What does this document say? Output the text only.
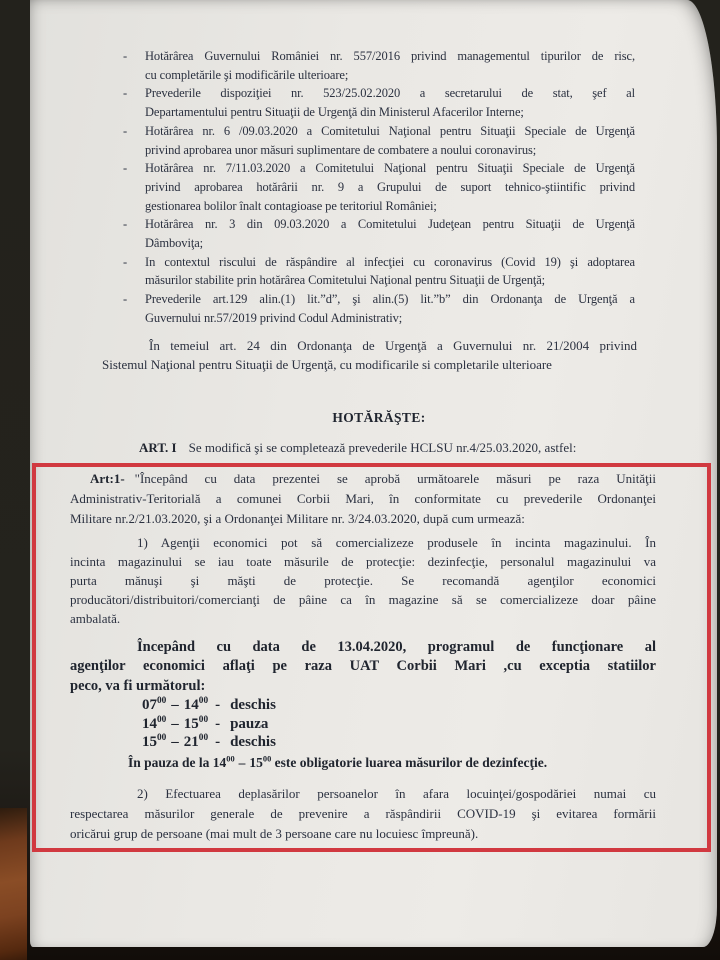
- Hotărârea Guvernului României nr. 557/2016 privind managementul tipurilor de risc,
cu completările şi modificările ulterioare;
- Prevederile dispoziţiei nr. 523/25.02.2020 a secretarului de stat, şef al
Departamentului pentru Situaţii de Urgenţă din Ministerul Afacerilor Interne;
- Hotărârea nr. 6 /09.03.2020 a Comitetului Naţional pentru Situaţii Speciale de Urgenţă
privind aprobarea unor măsuri suplimentare de combatere a noului coronavirus;
- Hotărârea nr. 7/11.03.2020 a Comitetului Naţional pentru Situaţii Speciale de Urgenţă
privind aprobarea hotărârii nr. 9 a Grupului de suport tehnico-ştiintific privind
gestionarea bolilor înalt contagioase pe teritoriul României;
- Hotărârea nr. 3 din 09.03.2020 a Comitetului Judeţean pentru Situaţii de Urgenţă
Dâmboviţa;
- In contextul riscului de răspândire al infecţiei cu coronavirus (Covid 19) şi adoptarea
măsurilor stabilite prin hotărârea Comitetului Naţional pentru Situaţii de Urgenţă;
- Prevederile art.129 alin.(1) lit.”d”, şi alin.(5) lit.”b” din Ordonanţa de Urgenţă a
Guvernului nr.57/2019 privind Codul Administrativ;
În temeiul art. 24 din Ordonanţa de Urgenţă a Guvernului nr. 21/2004 privind
Sistemul Naţional pentru Situaţii de Urgenţă, cu modificarile si completarile ulterioare
HOTĂRĂŞTE:
ART. I Se modifică şi se completează prevederile HCLSU nr.4/25.03.2020, astfel:
Art:1- "Începând cu data prezentei se aprobă următoarele măsuri pe raza Unităţii
Administrativ-Teritorială a comunei Corbii Mari, în conformitate cu prevederile Ordonanţei
Militare nr.2/21.03.2020, şi a Ordonanţei Militare nr. 3/24.03.2020, după cum urmează:
1) Agenţii economici pot să comercializeze produsele în incinta magazinului. În
incinta magazinului se iau toate măsurile de protecţie: dezinfecţie, personalul magazinului va
purta mănuşi şi măşti de protecţie. Se recomandă agenţilor economici
producători/distribuitori/comercianţi de pâine ca în magazine să se comercializeze doar pâine
ambalată.
Începând cu data de 13.04.2020, programul de funcţionare al
agenţilor economici aflaţi pe raza UAT Corbii Mari ,cu exceptia statiilor
peco, va fi următorul:
$07^{00} - 14^{00}$ - deschis
$14^{00} - 15^{00}$ - pauza
$15^{00} - 21^{00}$ - deschis
În pauza de la $14^{00} - 15^{00}$ este obligatorie luarea măsurilor de dezinfecţie.
2) Efectuarea deplasărilor persoanelor în afara locuinţei/gospodăriei numai cu
respectarea măsurilor generale de prevenire a răspândirii COVID-19 şi evitarea formării
oricărui grup de persoane (mai mult de 3 persoane care nu locuiesc împreună).
